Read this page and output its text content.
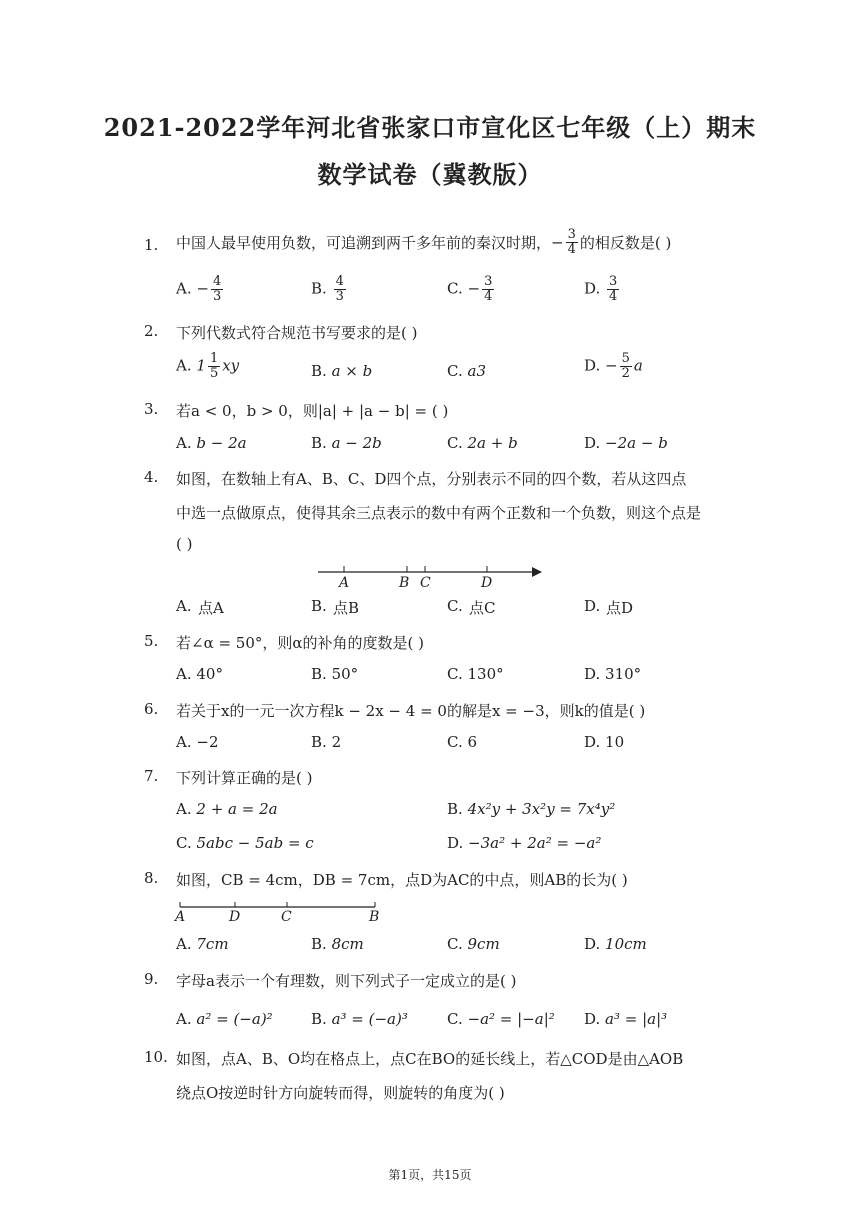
2021-2022学年河北省张家口市宣化区七年级（上）期末
数学试卷（冀教版）
1. 中国人最早使用负数，可追溯到两千多年前的秦汉时期，− $\frac{3}{4}$ 的相反数是( )
A. − $\frac{4}{3}$	B. $\frac{4}{3}$	C. − $\frac{3}{4}$	D. $\frac{3}{4}$
2. 下列代数式符合规范书写要求的是( )
A. $1 \frac{1}{5}$ xy	B. a × b	C. a3	D. − $\frac{5}{2}$ a
3. 若a < 0，b > 0，则|a| + |a − b| = ( )
A. b − 2a	B. a − 2b	C. 2a + b	D. −2a − b
4. 如图，在数轴上有A、B、C、D四个点，分别表示不同的四个数，若从这四点
中选一点做原点，使得其余三点表示的数中有两个正数和一个负数，则这个点是
( )
A	B C	D
A. 点A	B. 点B	C. 点C	D. 点D
5. 若∠α = 50°，则α的补角的度数是( )
A. 40°	B. 50°	C. 130°	D. 310°
6. 若关于x的一元一次方程k − 2x − 4 = 0的解是x = −3，则k的值是( )
A. −2	B. 2	C. 6	D. 10
7. 下列计算正确的是( )
A. 2 + a = 2a	B. 4x²y + 3x²y = 7x⁴y²
C. 5abc − 5ab = c	D. −3a² + 2a² = −a²
8. 如图，CB = 4cm，DB = 7cm，点D为AC的中点，则AB的长为( )
A	D	C	B
A. 7cm	B. 8cm	C. 9cm	D. 10cm
9. 字母a表示一个有理数，则下列式子一定成立的是( )
A. a² = (−a)²	B. a³ = (−a)³	C. −a² = |−a|² D. a³ = |a|³
10. 如图，点A、B、O均在格点上，点C在BO的延长线上，若△COD是由△AOB
绕点O按逆时针方向旋转而得，则旋转的角度为( )
第1页，共15页
